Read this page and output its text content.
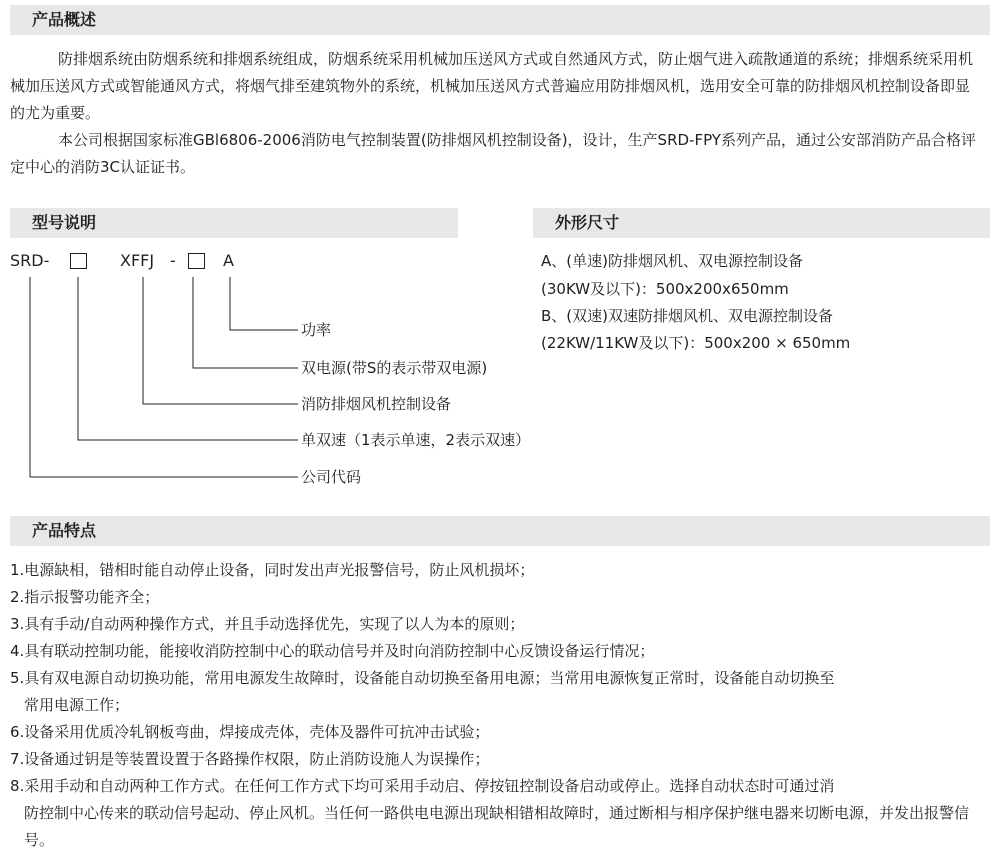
产品概述

防排烟系统由防烟系统和排烟系统组成，防烟系统采用机械加压送风方式或自然通风方式，防止烟气进入疏散通道的系统；排烟系统采用机械加压送风方式或智能通风方式，将烟气排至建筑物外的系统，机械加压送风方式普遍应用防排烟风机，选用安全可靠的防排烟风机控制设备即显的尤为重要。

本公司根据国家标准GBl6806-2006消防电气控制装置(防排烟风机控制设备)，设计，生产SRD-FPY系列产品，通过公安部消防产品合格评定中心的消防3C认证证书。

型号说明
SRD-	XFFJ -	A
功率
双电源(带S的表示带双电源)
消防排烟风机控制设备
单双速（1表示单速，2表示双速）
公司代码
外形尺寸
A、(单速)防排烟风机、双电源控制设备
(30KW及以下)：500x200x650mm
B、(双速)双速防排烟风机、双电源控制设备
(22KW/11KW及以下)：500x200 × 650mm
产品特点

1.电源缺相，错相时能自动停止设备，同时发出声光报警信号，防止风机损坏；

2.指示报警功能齐全；

3.具有手动/自动两种操作方式，并且手动选择优先，实现了以人为本的原则；

4.具有联动控制功能，能接收消防控制中心的联动信号并及时向消防控制中心反馈设备运行情况；

5.具有双电源自动切换功能，常用电源发生故障时，设备能自动切换至备用电源；当常用电源恢复正常时，设备能自动切换至
常用电源工作；

6.设备采用优质冷轧钢板弯曲，焊接成壳体，壳体及器件可抗冲击试验；

7.设备通过钥是等装置设置于各路操作权限，防止消防设施人为误操作；

8.采用手动和自动两种工作方式。在任何工作方式下均可采用手动启、停按钮控制设备启动或停止。选择自动状态时可通过消
防控制中心传来的联动信号起动、停止风机。当任何一路供电电源出现缺相错相故障时，通过断相与相序保护继电器来切断电源，并发出报警信号。
